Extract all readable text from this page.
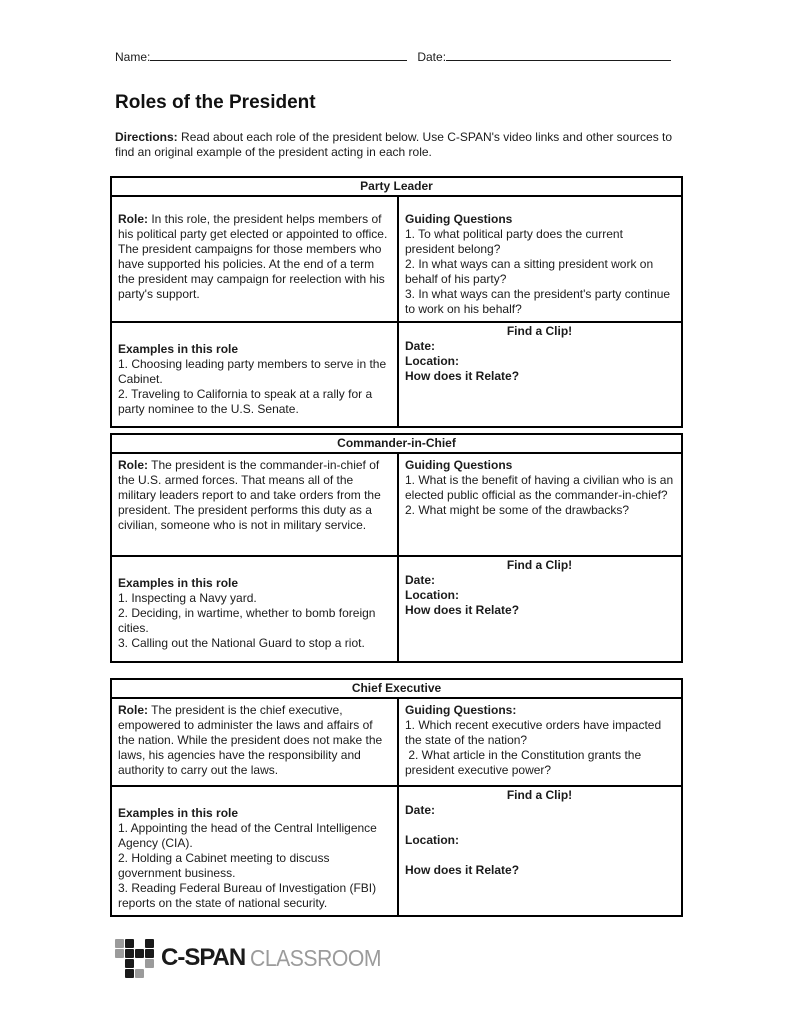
Name:	Date:
Roles of the President
Directions: Read about each role of the president below. Use C-SPAN's video links and other sources to find an original example of the president acting in each role.
Party Leader
Role: In this role, the president helps members of his political party get elected or appointed to office. The president campaigns for those members who have supported his policies. At the end of a term the president may campaign for reelection with his party's support.
Guiding Questions
1. To what political party does the current president belong?
2. In what ways can a sitting president work on behalf of his party?
3. In what ways can the president's party continue to work on his behalf?
Examples in this role
1. Choosing leading party members to serve in the Cabinet.
2. Traveling to California to speak at a rally for a party nominee to the U.S. Senate.
Find a Clip!
Date:
Location:
How does it Relate?
Commander-in-Chief
Role: The president is the commander-in-chief of the U.S. armed forces. That means all of the military leaders report to and take orders from the president. The president performs this duty as a civilian, someone who is not in military service.
Guiding Questions
1. What is the benefit of having a civilian who is an elected public official as the commander-in-chief? 2. What might be some of the drawbacks?
Examples in this role
1. Inspecting a Navy yard.
2. Deciding, in wartime, whether to bomb foreign cities.
3. Calling out the National Guard to stop a riot.
Find a Clip!
Date:
Location:
How does it Relate?
Chief Executive
Role: The president is the chief executive, empowered to administer the laws and affairs of the nation. While the president does not make the laws, his agencies have the responsibility and authority to carry out the laws.
Guiding Questions:
1. Which recent executive orders have impacted the state of the nation?
2. What article in the Constitution grants the president executive power?
Examples in this role
1. Appointing the head of the Central Intelligence Agency (CIA).
2. Holding a Cabinet meeting to discuss government business.
3. Reading Federal Bureau of Investigation (FBI) reports on the state of national security.
Find a Clip!
Date:
Location:
How does it Relate?
C-SPAN CLASSROOM
